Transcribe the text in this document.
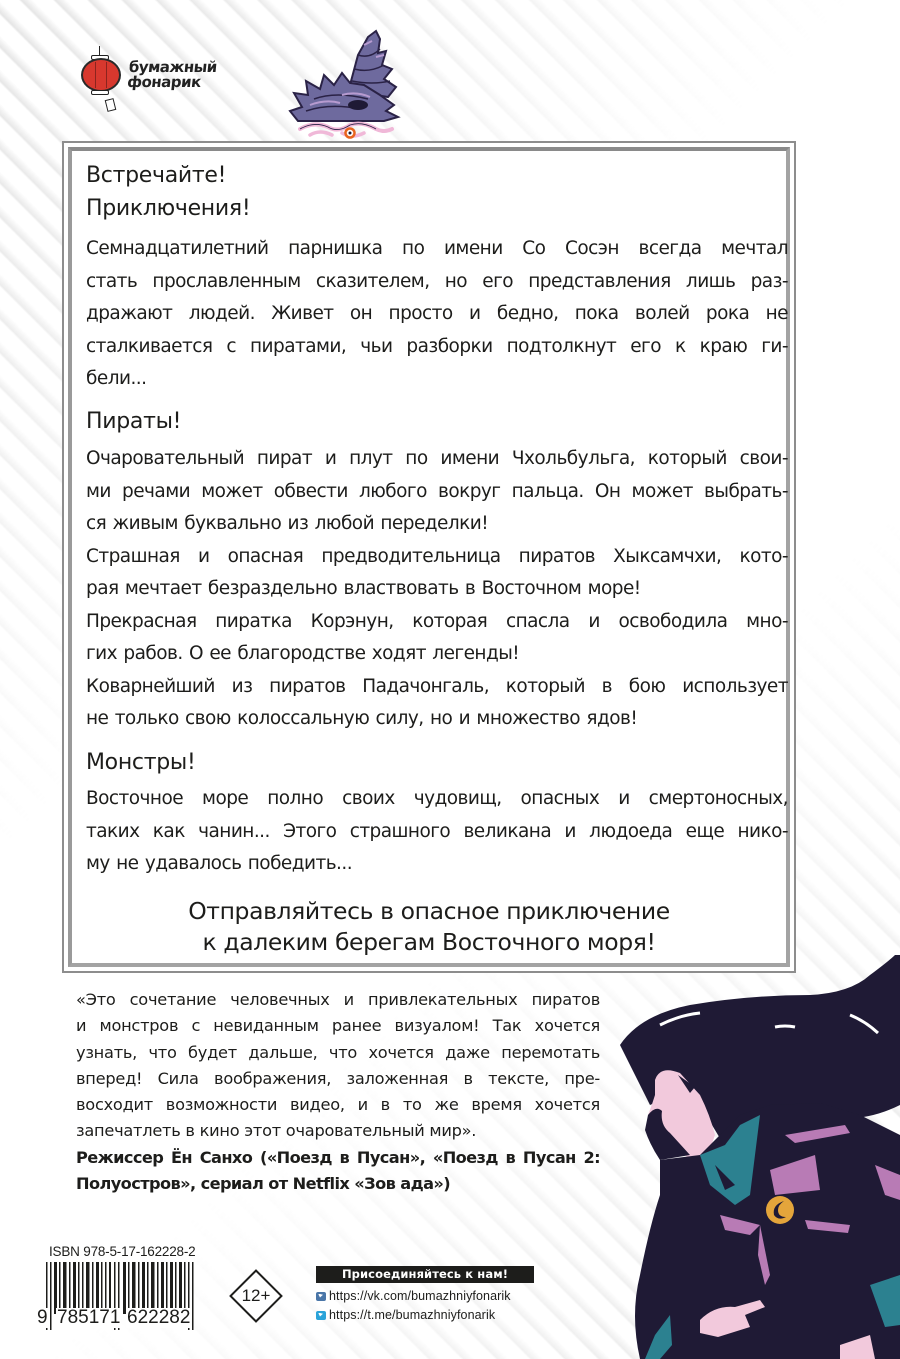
бумажный
фонарик
Встречайте!
Приключения!
Семнадцатилетний парнишка по имени Со Сосэн всегда мечтал
стать прославленным сказителем, но его представления лишь раз-
дражают людей. Живет он просто и бедно, пока волей рока не
сталкивается с пиратами, чьи разборки подтолкнут его к краю ги-
бели...
Пираты!
Очаровательный пират и плут по имени Чхольбульга, который свои-
ми речами может обвести любого вокруг пальца. Он может выбрать-
ся живым буквально из любой переделки!
Страшная и опасная предводительница пиратов Хыксамчхи, кото-
рая мечтает безраздельно властвовать в Восточном море!
Прекрасная пиратка Корэнун, которая спасла и освободила мно-
гих рабов. О ее благородстве ходят легенды!
Коварнейший из пиратов Падачонгаль, который в бою использует
не только свою колоссальную силу, но и множество ядов!
Монстры!
Восточное море полно своих чудовищ, опасных и смертоносных,
таких как чанин... Этого страшного великана и людоеда еще нико-
му не удавалось победить...
Отправляйтесь в опасное приключение
к далеким берегам Восточного моря!
«Это сочетание человечных и привлекательных пиратов
и монстров с невиданным ранее визуалом! Так хочется
узнать, что будет дальше, что хочется даже перемотать
вперед! Сила воображения, заложенная в тексте, пре-
восходит возможности видео, и в то же время хочется
запечатлеть в кино этот очаровательный мир».
Режиссер Ён Санхо («Поезд в Пусан», «Поезд в Пусан 2:
Полуостров», сериал от Netflix «Зов ада»)
ISBN 978-5-17-162228-2
9 785171 622282
12+
Присоединяйтесь к нам!
https://vk.com/bumazhniyfonarik
https://t.me/bumazhniyfonarik
